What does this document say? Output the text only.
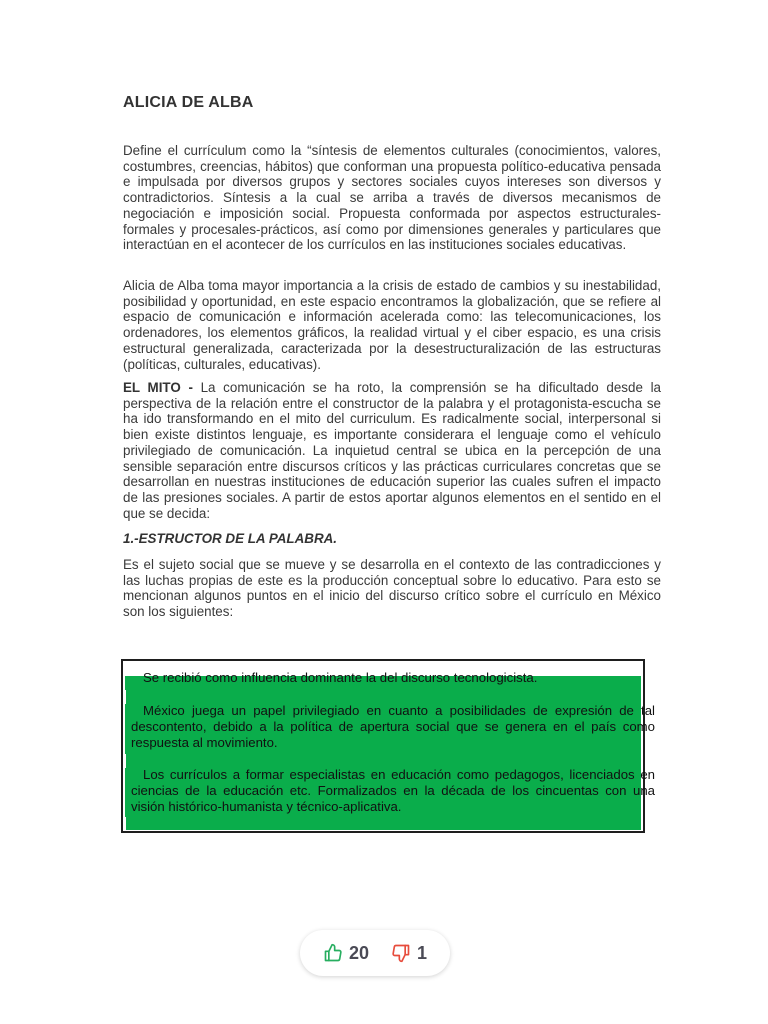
ALICIA DE ALBA
Define el currículum como la “síntesis de elementos culturales (conocimientos, valores, costumbres, creencias, hábitos) que conforman una propuesta político-educativa pensada e impulsada por diversos grupos y sectores sociales cuyos intereses son diversos y contradictorios. Síntesis a la cual se arriba a través de diversos mecanismos de negociación e imposición social. Propuesta conformada por aspectos estructurales-formales y procesales-prácticos, así como por dimensiones generales y particulares que interactúan en el acontecer de los currículos en las instituciones sociales educativas.
Alicia de Alba toma mayor importancia a la crisis de estado de cambios y su inestabilidad, posibilidad y oportunidad, en este espacio encontramos la globalización, que se refiere al espacio de comunicación e información acelerada como: las telecomunicaciones, los ordenadores, los elementos gráficos, la realidad virtual y el ciber espacio, es una crisis estructural generalizada, caracterizada por la desestructuralización de las estructuras (políticas, culturales, educativas).
EL MITO - La comunicación se ha roto, la comprensión se ha dificultado desde la perspectiva de la relación entre el constructor de la palabra y el protagonista-escucha se ha ido transformando en el mito del curriculum. Es radicalmente social, interpersonal si bien existe distintos lenguaje, es importante considerara el lenguaje como el vehículo privilegiado de comunicación. La inquietud central se ubica en la percepción de una sensible separación entre discursos críticos y las prácticas curriculares concretas que se desarrollan en nuestras instituciones de educación superior las cuales sufren el impacto de las presiones sociales. A partir de estos aportar algunos elementos en el sentido en el que se decida:
1.-ESTRUCTOR DE LA PALABRA.
Es el sujeto social que se mueve y se desarrolla en el contexto de las contradicciones y las luchas propias de este es la producción conceptual sobre lo educativo. Para esto se mencionan algunos puntos en el inicio del discurso crítico sobre el currículo en México son los siguientes:
Se recibió como influencia dominante la del discurso tecnologicista.
México juega un papel privilegiado en cuanto a posibilidades de expresión de tal descontento, debido a la política de apertura social que se genera en el país como respuesta al movimiento.
Los currículos a formar especialistas en educación como pedagogos, licenciados en ciencias de la educación etc. Formalizados en la década de los cincuentas con una visión histórico-humanista y técnico-aplicativa.
20	1
